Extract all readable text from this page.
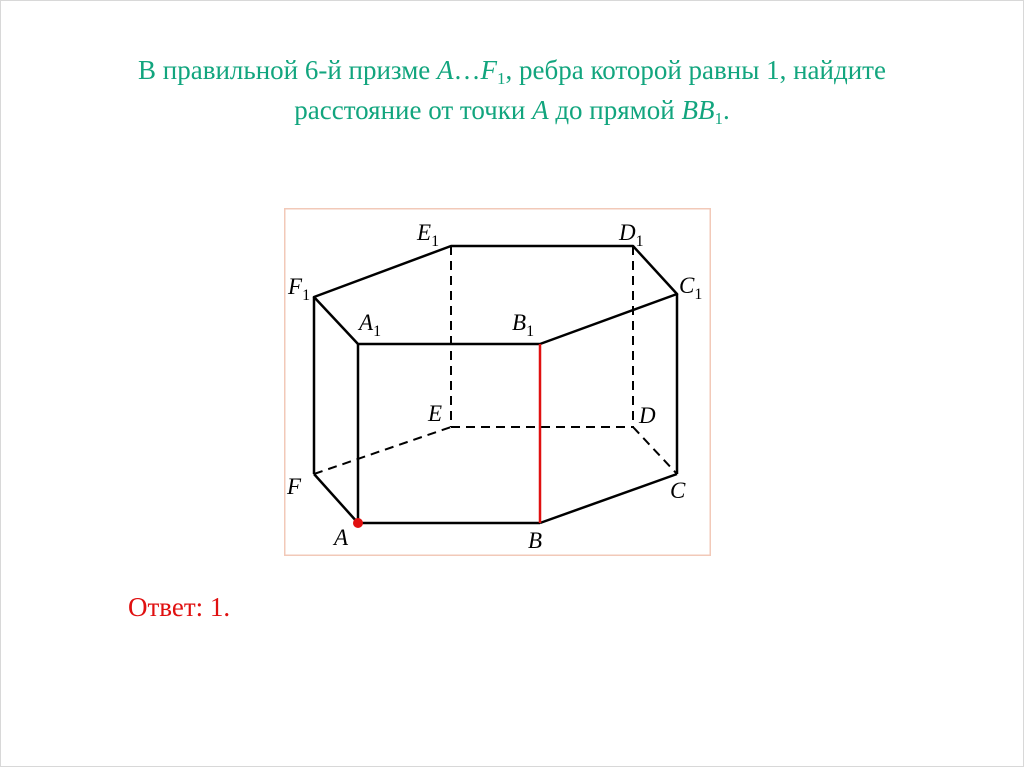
В правильной 6-й призме $A\dots F_1$, ребра которой равны 1, найдите
расстояние от точки A до прямой $BB_1$.
$E_1$	$D_1$
$F_1$	$C_1$
$A_1$	$B_1$
E	D
F	C
A	B
Ответ: 1.
